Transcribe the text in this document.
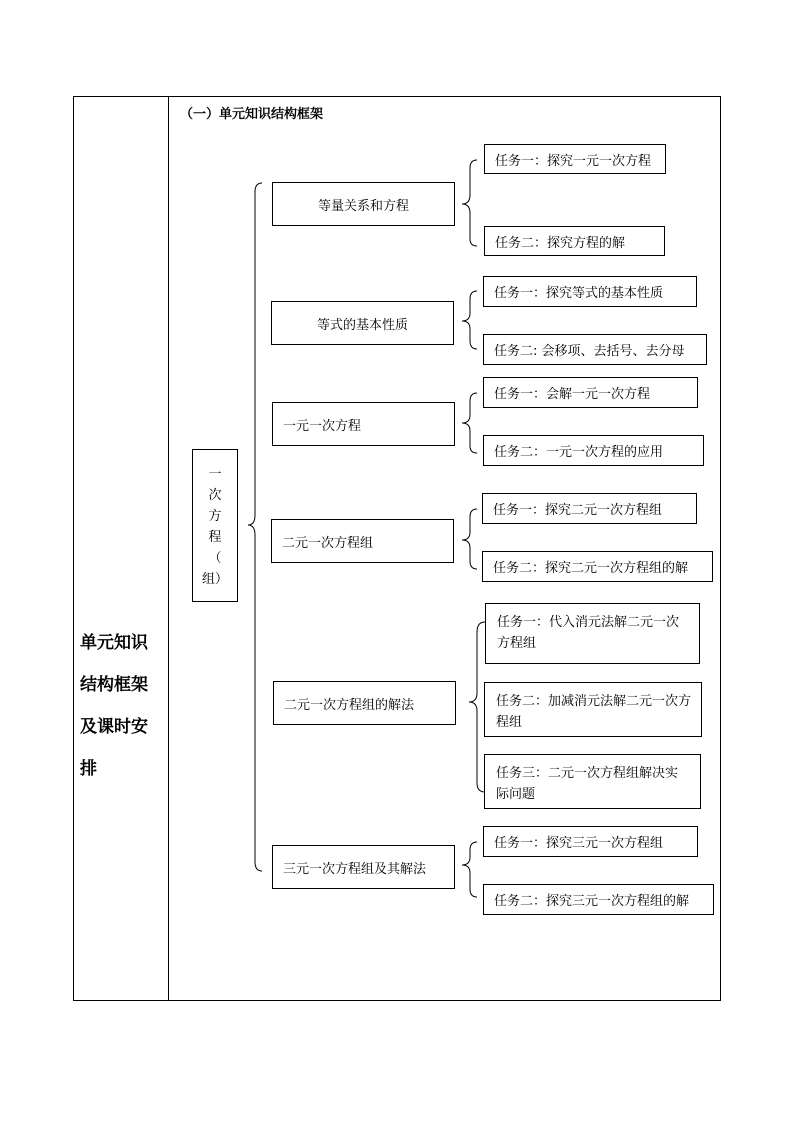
单元知识
结构框架
及课时安
排
（一）单元知识结构框架
一
次
方
程
（
组）
等量关系和方程
等式的基本性质
一元一次方程
二元一次方程组
二元一次方程组的解法
三元一次方程组及其解法
任务一：探究一元一次方程
任务二：探究方程的解
任务一：探究等式的基本性质
任务二: 会移项、去括号、去分母
任务一：会解一元一次方程
任务二：一元一次方程的应用
任务一：探究二元一次方程组
任务二：探究二元一次方程组的解
任务一：代入消元法解二元一次方程组
任务二：加减消元法解二元一次方程组
任务三：二元一次方程组解决实际问题
任务一：探究三元一次方程组
任务二：探究三元一次方程组的解
